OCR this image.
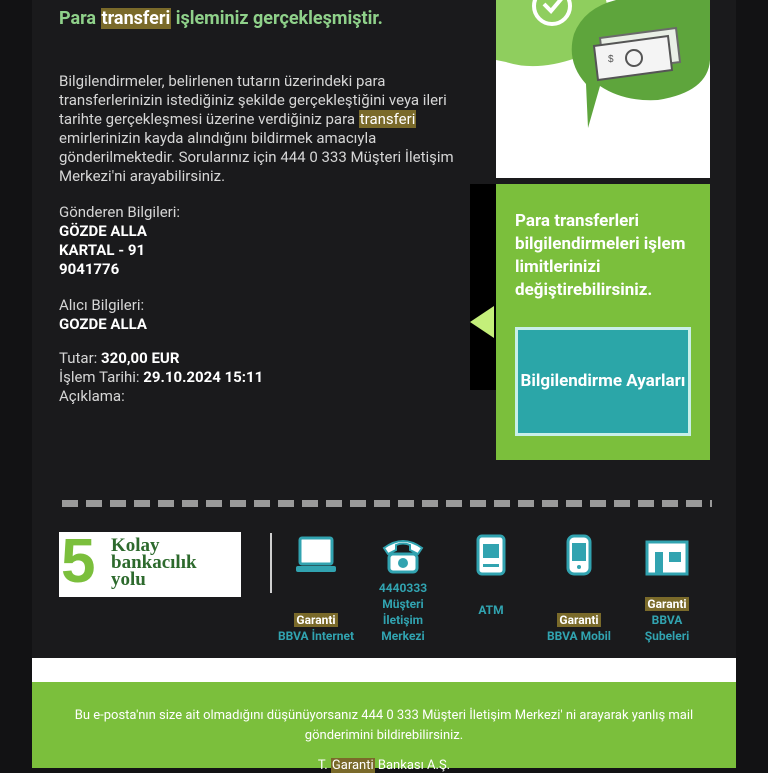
Para transferi işleminiz gerçekleşmiştir.
Bilgilendirmeler, belirlenen tutarın üzerindeki para transferlerinizin istediğiniz şekilde gerçekleştiğini veya ileri tarihte gerçekleşmesi üzerine verdiğiniz para transferi emirlerinizin kayda alındığını bildirmek amacıyla gönderilmektedir. Sorularınız için 444 0 333 Müşteri İletişim Merkezi'ni arayabilirsiniz.
Gönderen Bilgileri:
GÖZDE ALLA
KARTAL - 91
9041776
Alıcı Bilgileri:
GOZDE ALLA
Tutar: 320,00 EUR
İşlem Tarihi: 29.10.2024 15:11
Açıklama:
$
Para transferleri bilgilendirmeleri işlem limitlerinizi değiştirebilirsiniz.
Bilgilendirme Ayarları
5 Kolay
bankacılık
yolu
Garanti
BBVA İnternet
4440333 Müşteri İletişim Merkezi
ATM
Garanti
BBVA Mobil
Garanti
BBVA Şubeleri
Bu e-posta'nın size ait olmadığını düşünüyorsanız 444 0 333 Müşteri İletişim Merkezi' ni arayarak yanlış mail gönderimini bildirebilirsiniz.
T. Garanti Bankası A.Ş.
